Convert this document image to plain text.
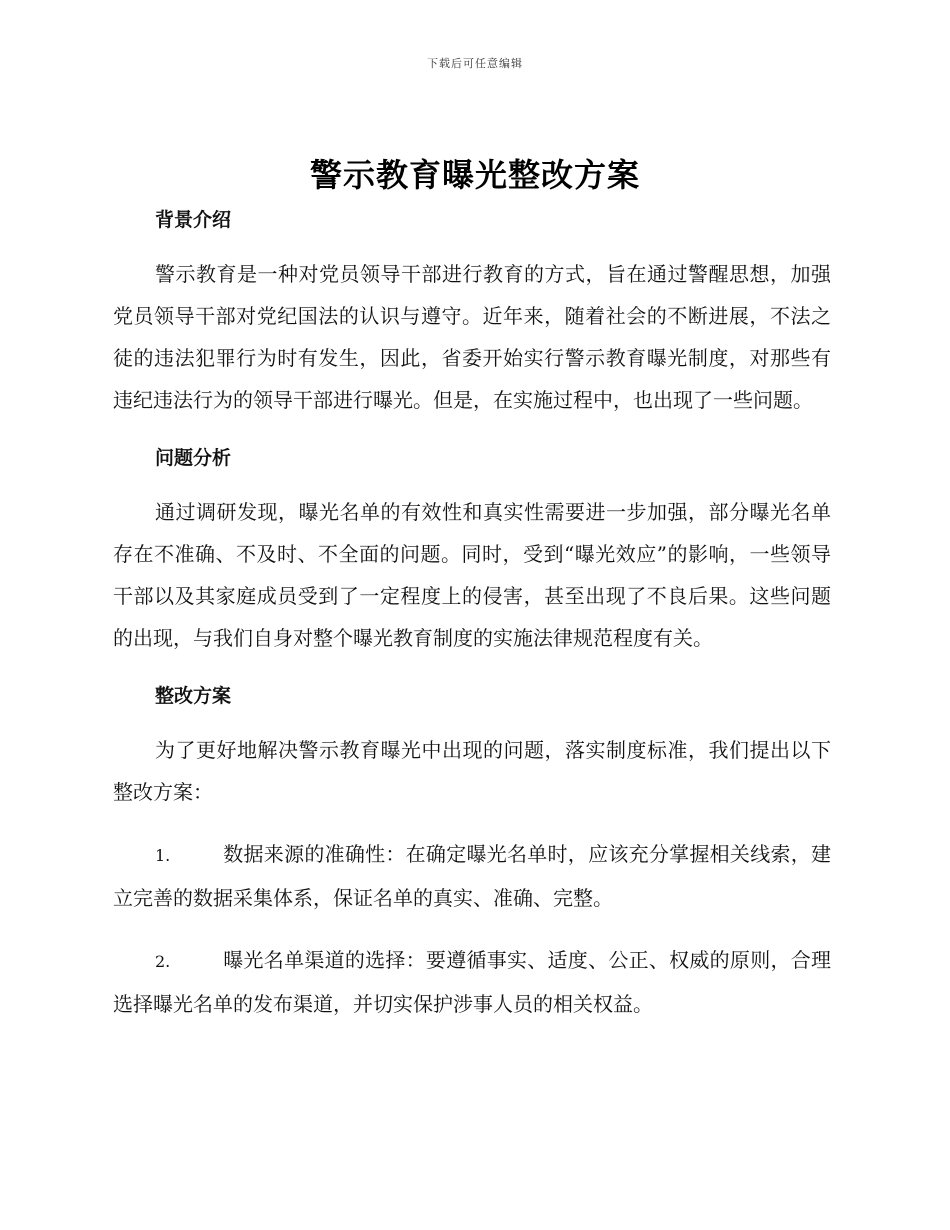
下载后可任意编辑
警示教育曝光整改方案
背景介绍

警示教育是一种对党员领导干部进行教育的方式，旨在通过警醒思想，加强党员领导干部对党纪国法的认识与遵守。近年来，随着社会的不断进展，不法之徒的违法犯罪行为时有发生，因此，省委开始实行警示教育曝光制度，对那些有违纪违法行为的领导干部进行曝光。但是，在实施过程中，也出现了一些问题。

问题分析

通过调研发现，曝光名单的有效性和真实性需要进一步加强，部分曝光名单存在不准确、不及时、不全面的问题。同时，受到“曝光效应”的影响，一些领导干部以及其家庭成员受到了一定程度上的侵害，甚至出现了不良后果。这些问题的出现，与我们自身对整个曝光教育制度的实施法律规范程度有关。

整改方案

为了更好地解决警示教育曝光中出现的问题，落实制度标准，我们提出以下整改方案：

1.	数据来源的准确性：在确定曝光名单时，应该充分掌握相关线索，建立完善的数据采集体系，保证名单的真实、准确、完整。

2.	曝光名单渠道的选择：要遵循事实、适度、公正、权威的原则，合理选择曝光名单的发布渠道，并切实保护涉事人员的相关权益。
